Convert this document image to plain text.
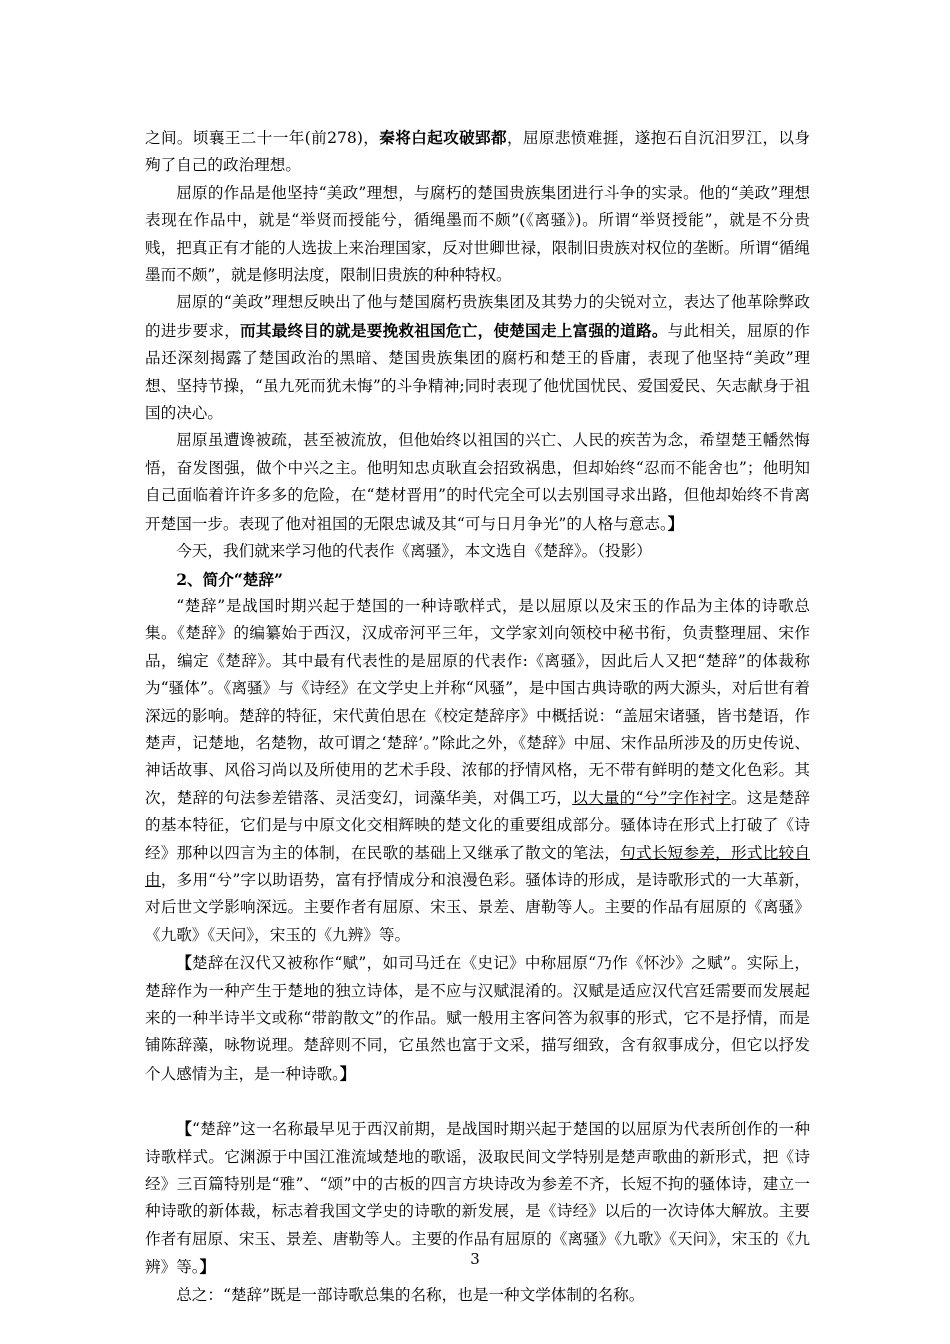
之间。顷襄王二十一年(前278)，秦将白起攻破郢都，屈原悲愤难捱，遂抱石自沉汨罗江，以身殉了自己的政治理想。

屈原的作品是他坚持“美政”理想，与腐朽的楚国贵族集团进行斗争的实录。他的“美政”理想表现在作品中，就是“举贤而授能兮，循绳墨而不颇”(《离骚》)。所谓“举贤授能”，就是不分贵贱，把真正有才能的人选拔上来治理国家，反对世卿世禄，限制旧贵族对权位的垄断。所谓“循绳墨而不颇”，就是修明法度，限制旧贵族的种种特权。

屈原的“美政”理想反映出了他与楚国腐朽贵族集团及其势力的尖锐对立，表达了他革除弊政的进步要求，而其最终目的就是要挽救祖国危亡，使楚国走上富强的道路。与此相关，屈原的作品还深刻揭露了楚国政治的黑暗、楚国贵族集团的腐朽和楚王的昏庸，表现了他坚持“美政”理想、坚持节操，“虽九死而犹未悔”的斗争精神;同时表现了他忧国忧民、爱国爱民、矢志献身于祖国的决心。

屈原虽遭谗被疏，甚至被流放，但他始终以祖国的兴亡、人民的疾苦为念，希望楚王幡然悔悟，奋发图强，做个中兴之主。他明知忠贞耿直会招致祸患，但却始终“忍而不能舍也”；他明知自己面临着许许多多的危险，在“楚材晋用”的时代完全可以去别国寻求出路，但他却始终不肯离开楚国一步。表现了他对祖国的无限忠诚及其“可与日月争光”的人格与意志。】

今天，我们就来学习他的代表作《离骚》，本文选自《楚辞》。（投影）

2、简介“楚辞”

“楚辞”是战国时期兴起于楚国的一种诗歌样式，是以屈原以及宋玉的作品为主体的诗歌总集。《楚辞》的编纂始于西汉，汉成帝河平三年，文学家刘向领校中秘书衔，负责整理屈、宋作品，编定《楚辞》。其中最有代表性的是屈原的代表作:《离骚》，因此后人又把“楚辞”的体裁称为“骚体”。《离骚》与《诗经》在文学史上并称“风骚”，是中国古典诗歌的两大源头，对后世有着深远的影响。楚辞的特征，宋代黄伯思在《校定楚辞序》中概括说：“盖屈宋诸骚，皆书楚语，作楚声，记楚地，名楚物，故可谓之‘楚辞’。”除此之外，《楚辞》中屈、宋作品所涉及的历史传说、神话故事、风俗习尚以及所使用的艺术手段、浓郁的抒情风格，无不带有鲜明的楚文化色彩。其次，楚辞的句法参差错落、灵活变幻，词藻华美，对偶工巧，以大量的“兮”字作衬字。这是楚辞的基本特征，它们是与中原文化交相辉映的楚文化的重要组成部分。骚体诗在形式上打破了《诗经》那种以四言为主的体制，在民歌的基础上又继承了散文的笔法，句式长短参差，形式比较自由，多用“兮”字以助语势，富有抒情成分和浪漫色彩。骚体诗的形成，是诗歌形式的一大革新，对后世文学影响深远。主要作者有屈原、宋玉、景差、唐勒等人。主要的作品有屈原的《离骚》《九歌》《天问》，宋玉的《九辨》等。

【楚辞在汉代又被称作“赋”，如司马迁在《史记》中称屈原“乃作《怀沙》之赋”。实际上，楚辞作为一种产生于楚地的独立诗体，是不应与汉赋混淆的。汉赋是适应汉代宫廷需要而发展起来的一种半诗半文或称“带韵散文”的作品。赋一般用主客问答为叙事的形式，它不是抒情，而是铺陈辞藻，咏物说理。楚辞则不同，它虽然也富于文采，描写细致，含有叙事成分，但它以抒发个人感情为主，是一种诗歌。】

【“楚辞”这一名称最早见于西汉前期，是战国时期兴起于楚国的以屈原为代表所创作的一种诗歌样式。它渊源于中国江淮流域楚地的歌谣，汲取民间文学特别是楚声歌曲的新形式，把《诗经》三百篇特别是“雅”、“颂”中的古板的四言方块诗改为参差不齐，长短不拘的骚体诗，建立一种诗歌的新体裁，标志着我国文学史的诗歌的新发展，是《诗经》以后的一次诗体大解放。主要作者有屈原、宋玉、景差、唐勒等人。主要的作品有屈原的《离骚》《九歌》《天问》，宋玉的《九辨》等。】

总之：“楚辞”既是一部诗歌总集的名称，也是一种文学体制的名称。

3
